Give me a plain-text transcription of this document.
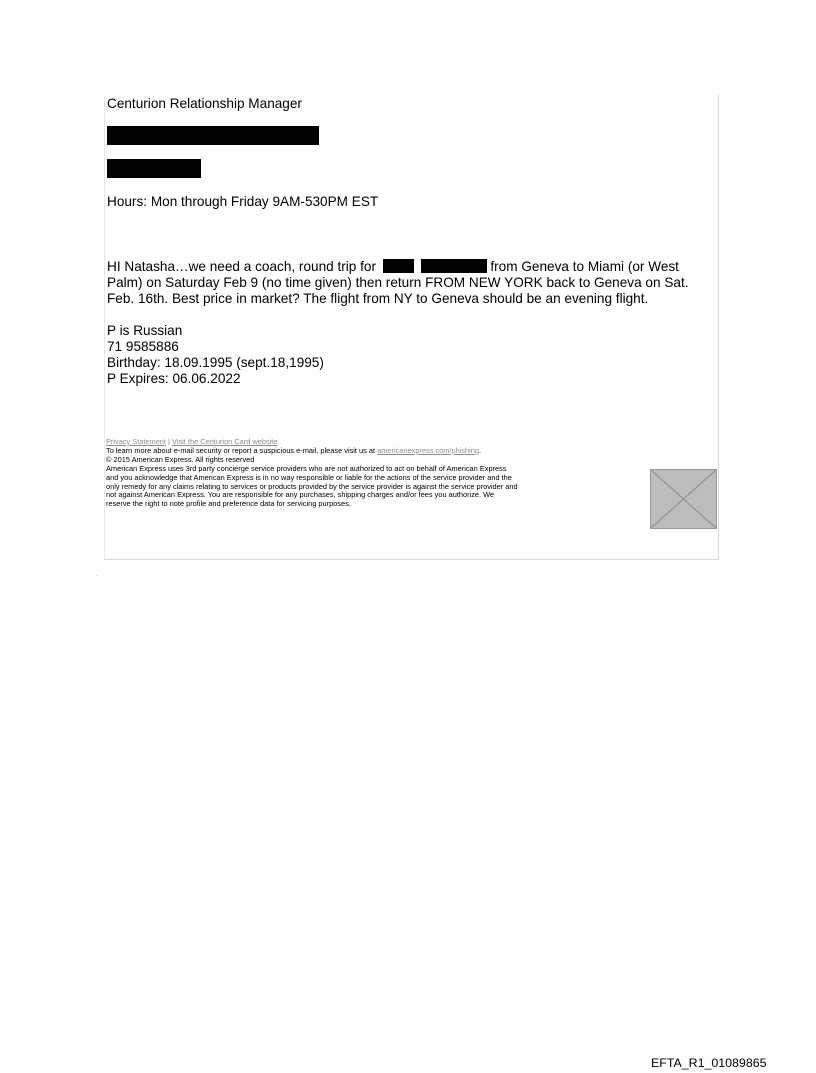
Centurion Relationship Manager
Hours: Mon through Friday 9AM-530PM EST
HI Natasha…we need a coach, round trip for	from Geneva to Miami (or West
Palm) on Saturday Feb 9 (no time given) then return FROM NEW YORK back to Geneva on Sat.
Feb. 16th. Best price in market? The flight from NY to Geneva should be an evening flight.
P is Russian
71 9585886
Birthday: 18.09.1995 (sept.18,1995)
P Expires: 06.06.2022
Privacy Statement | Visit the Centurion Card website
To learn more about e-mail security or report a suspicious e-mail, please visit us at americanexpress.com/phishing.
© 2015 American Express. All rights reserved
American Express uses 3rd party concierge service providers who are not authorized to act on behalf of American Express
and you acknowledge that American Express is in no way responsible or liable for the actions of the service provider and the
only remedy for any claims relating to services or products provided by the service provider is against the service provider and
not against American Express. You are responsible for any purchases, shipping charges and/or fees you authorize. We
reserve the right to note profile and preference data for servicing purposes.
·
EFTA_R1_01089865
